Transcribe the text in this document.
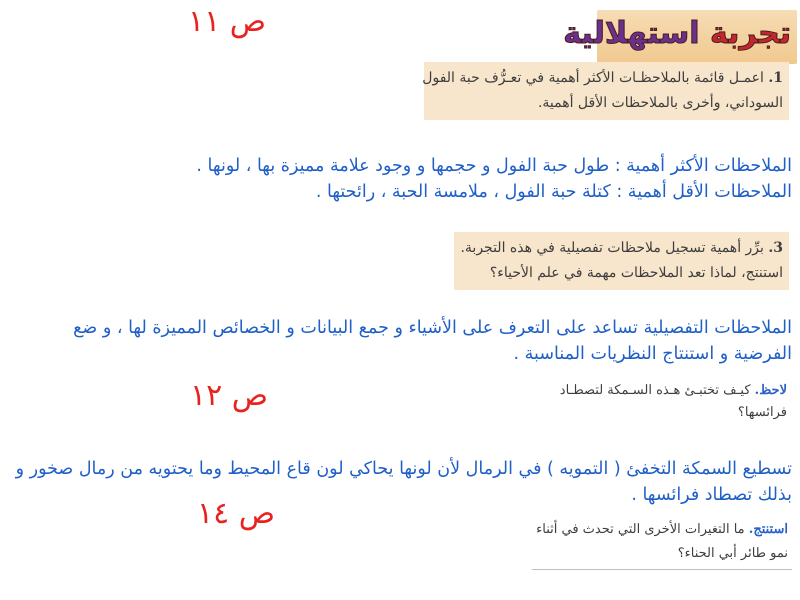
ص ١١
ص ١٢
ص ١٤
تجربة استهلالية
1. اعمـل قائمة بالملاحظـات الأكثر أهمية في تعـرُّف حبة الفول
السوداني، وأخرى بالملاحظات الأقل أهمية.
الملاحظات الأكثر أهمية : طول حبة الفول و حجمها و وجود علامة مميزة بها ، لونها .
الملاحظات الأقل أهمية : كتلة حبة الفول ، ملامسة الحبة ، رائحتها .
3. برِّر أهمية تسجيل ملاحظات تفصيلية في هذه التجربة.
استنتج، لماذا تعد الملاحظات مهمة في علم الأحياء؟
الملاحظات التفصيلية تساعد على التعرف على الأشياء و جمع البيانات و الخصائص المميزة لها ، و ضع
الفرضية و استنتاج النظريات المناسبة .
لاحظ. كيـف تختبـئ هـذه السـمكة لتصطـاد
فرائسها؟
تسطيع السمكة التخفئ ( التمويه ) في الرمال لأن لونها يحاكي لون قاع المحيط وما يحتويه من رمال صخور و
بذلك تصطاد فرائسها .
استنتج. ما التغيرات الأخرى التي تحدث في أثناء
نمو طائر أبي الحناء؟
